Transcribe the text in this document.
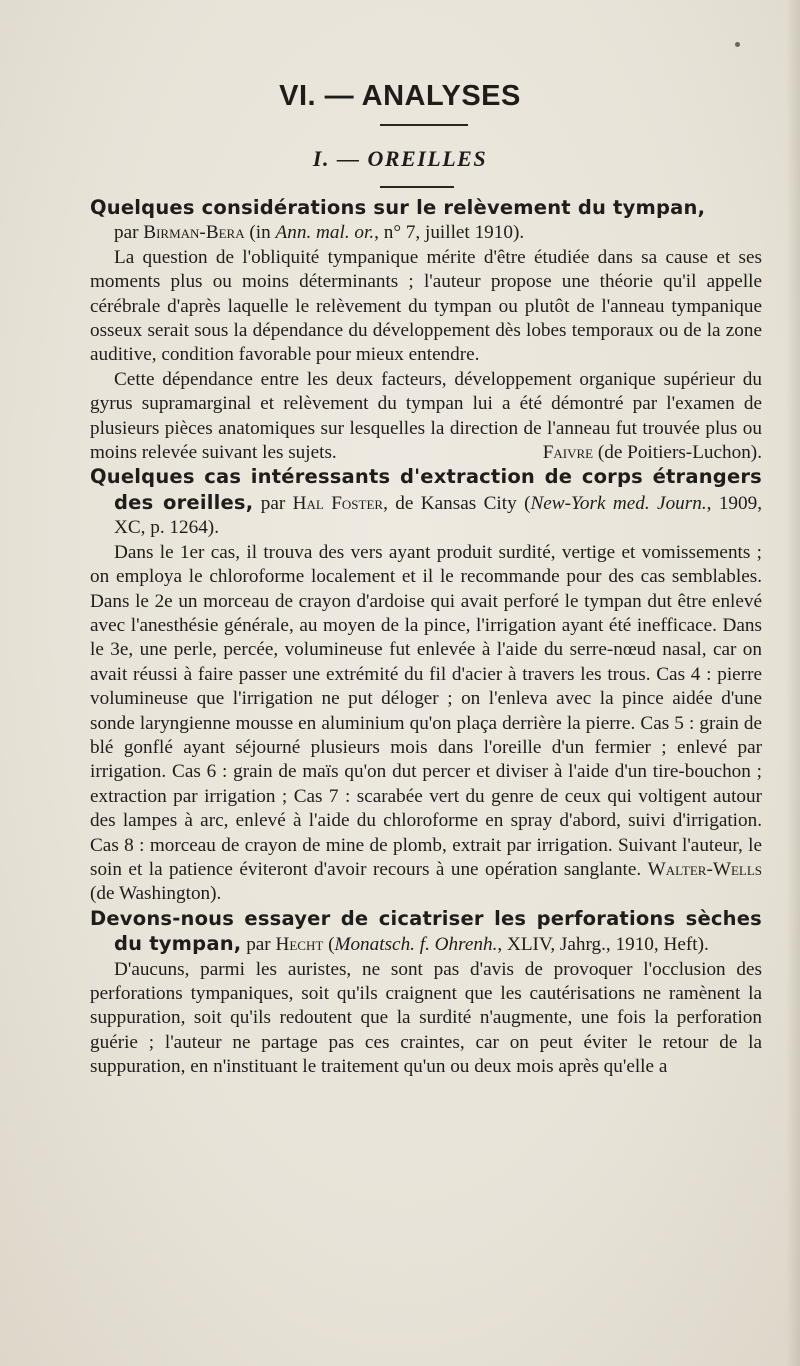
VI. — ANALYSES
I. — OREILLES

Quelques considérations sur le relèvement du tympan,
par Birman-Bera (in Ann. mal. or., n° 7, juillet 1910).

La question de l'obliquité tympanique mérite d'être étudiée dans sa cause et ses moments plus ou moins déterminants ; l'auteur propose une théorie qu'il appelle cérébrale d'après laquelle le relèvement du tympan ou plutôt de l'anneau tympanique osseux serait sous la dépendance du développement dès lobes temporaux ou de la zone auditive, condition favorable pour mieux entendre.

Cette dépendance entre les deux facteurs, développement organique supérieur du gyrus supramarginal et relèvement du tympan lui a été démontré par l'examen de plusieurs pièces anatomiques sur lesquelles la direction de l'anneau fut trouvée plus ou moins relevée suivant les sujets.	Faivre (de Poitiers-Luchon).

Quelques cas intéressants d'extraction de corps étrangers des oreilles, par Hal Foster, de Kansas City (New-York med. Journ., 1909, XC, p. 1264).

Dans le 1er cas, il trouva des vers ayant produit surdité, vertige et vomissements ; on employa le chloroforme localement et il le recommande pour des cas semblables. Dans le 2e un morceau de crayon d'ardoise qui avait perforé le tympan dut être enlevé avec l'anesthésie générale, au moyen de la pince, l'irrigation ayant été inefficace. Dans le 3e, une perle, percée, volumineuse fut enlevée à l'aide du serre-nœud nasal, car on avait réussi à faire passer une extrémité du fil d'acier à travers les trous. Cas 4 : pierre volumineuse que l'irrigation ne put déloger ; on l'enleva avec la pince aidée d'une sonde laryngienne mousse en aluminium qu'on plaça derrière la pierre. Cas 5 : grain de blé gonflé ayant séjourné plusieurs mois dans l'oreille d'un fermier ; enlevé par irrigation. Cas 6 : grain de maïs qu'on dut percer et diviser à l'aide d'un tire-bouchon ; extraction par irrigation ; Cas 7 : scarabée vert du genre de ceux qui voltigent autour des lampes à arc, enlevé à l'aide du chloroforme en spray d'abord, suivi d'irrigation. Cas 8 : morceau de crayon de mine de plomb, extrait par irrigation. Suivant l'auteur, le soin et la patience éviteront d'avoir recours à une opération sanglante. Walter-Wells (de Washington).

Devons-nous essayer de cicatriser les perforations sèches du tympan, par Hecht (Monatsch. f. Ohrenh., XLIV, Jahrg., 1910, Heft).

D'aucuns, parmi les auristes, ne sont pas d'avis de provoquer l'occlusion des perforations tympaniques, soit qu'ils craignent que les cautérisations ne ramènent la suppuration, soit qu'ils redoutent que la surdité n'augmente, une fois la perforation guérie ; l'auteur ne partage pas ces craintes, car on peut éviter le retour de la suppuration, en n'instituant le traitement qu'un ou deux mois après qu'elle a
